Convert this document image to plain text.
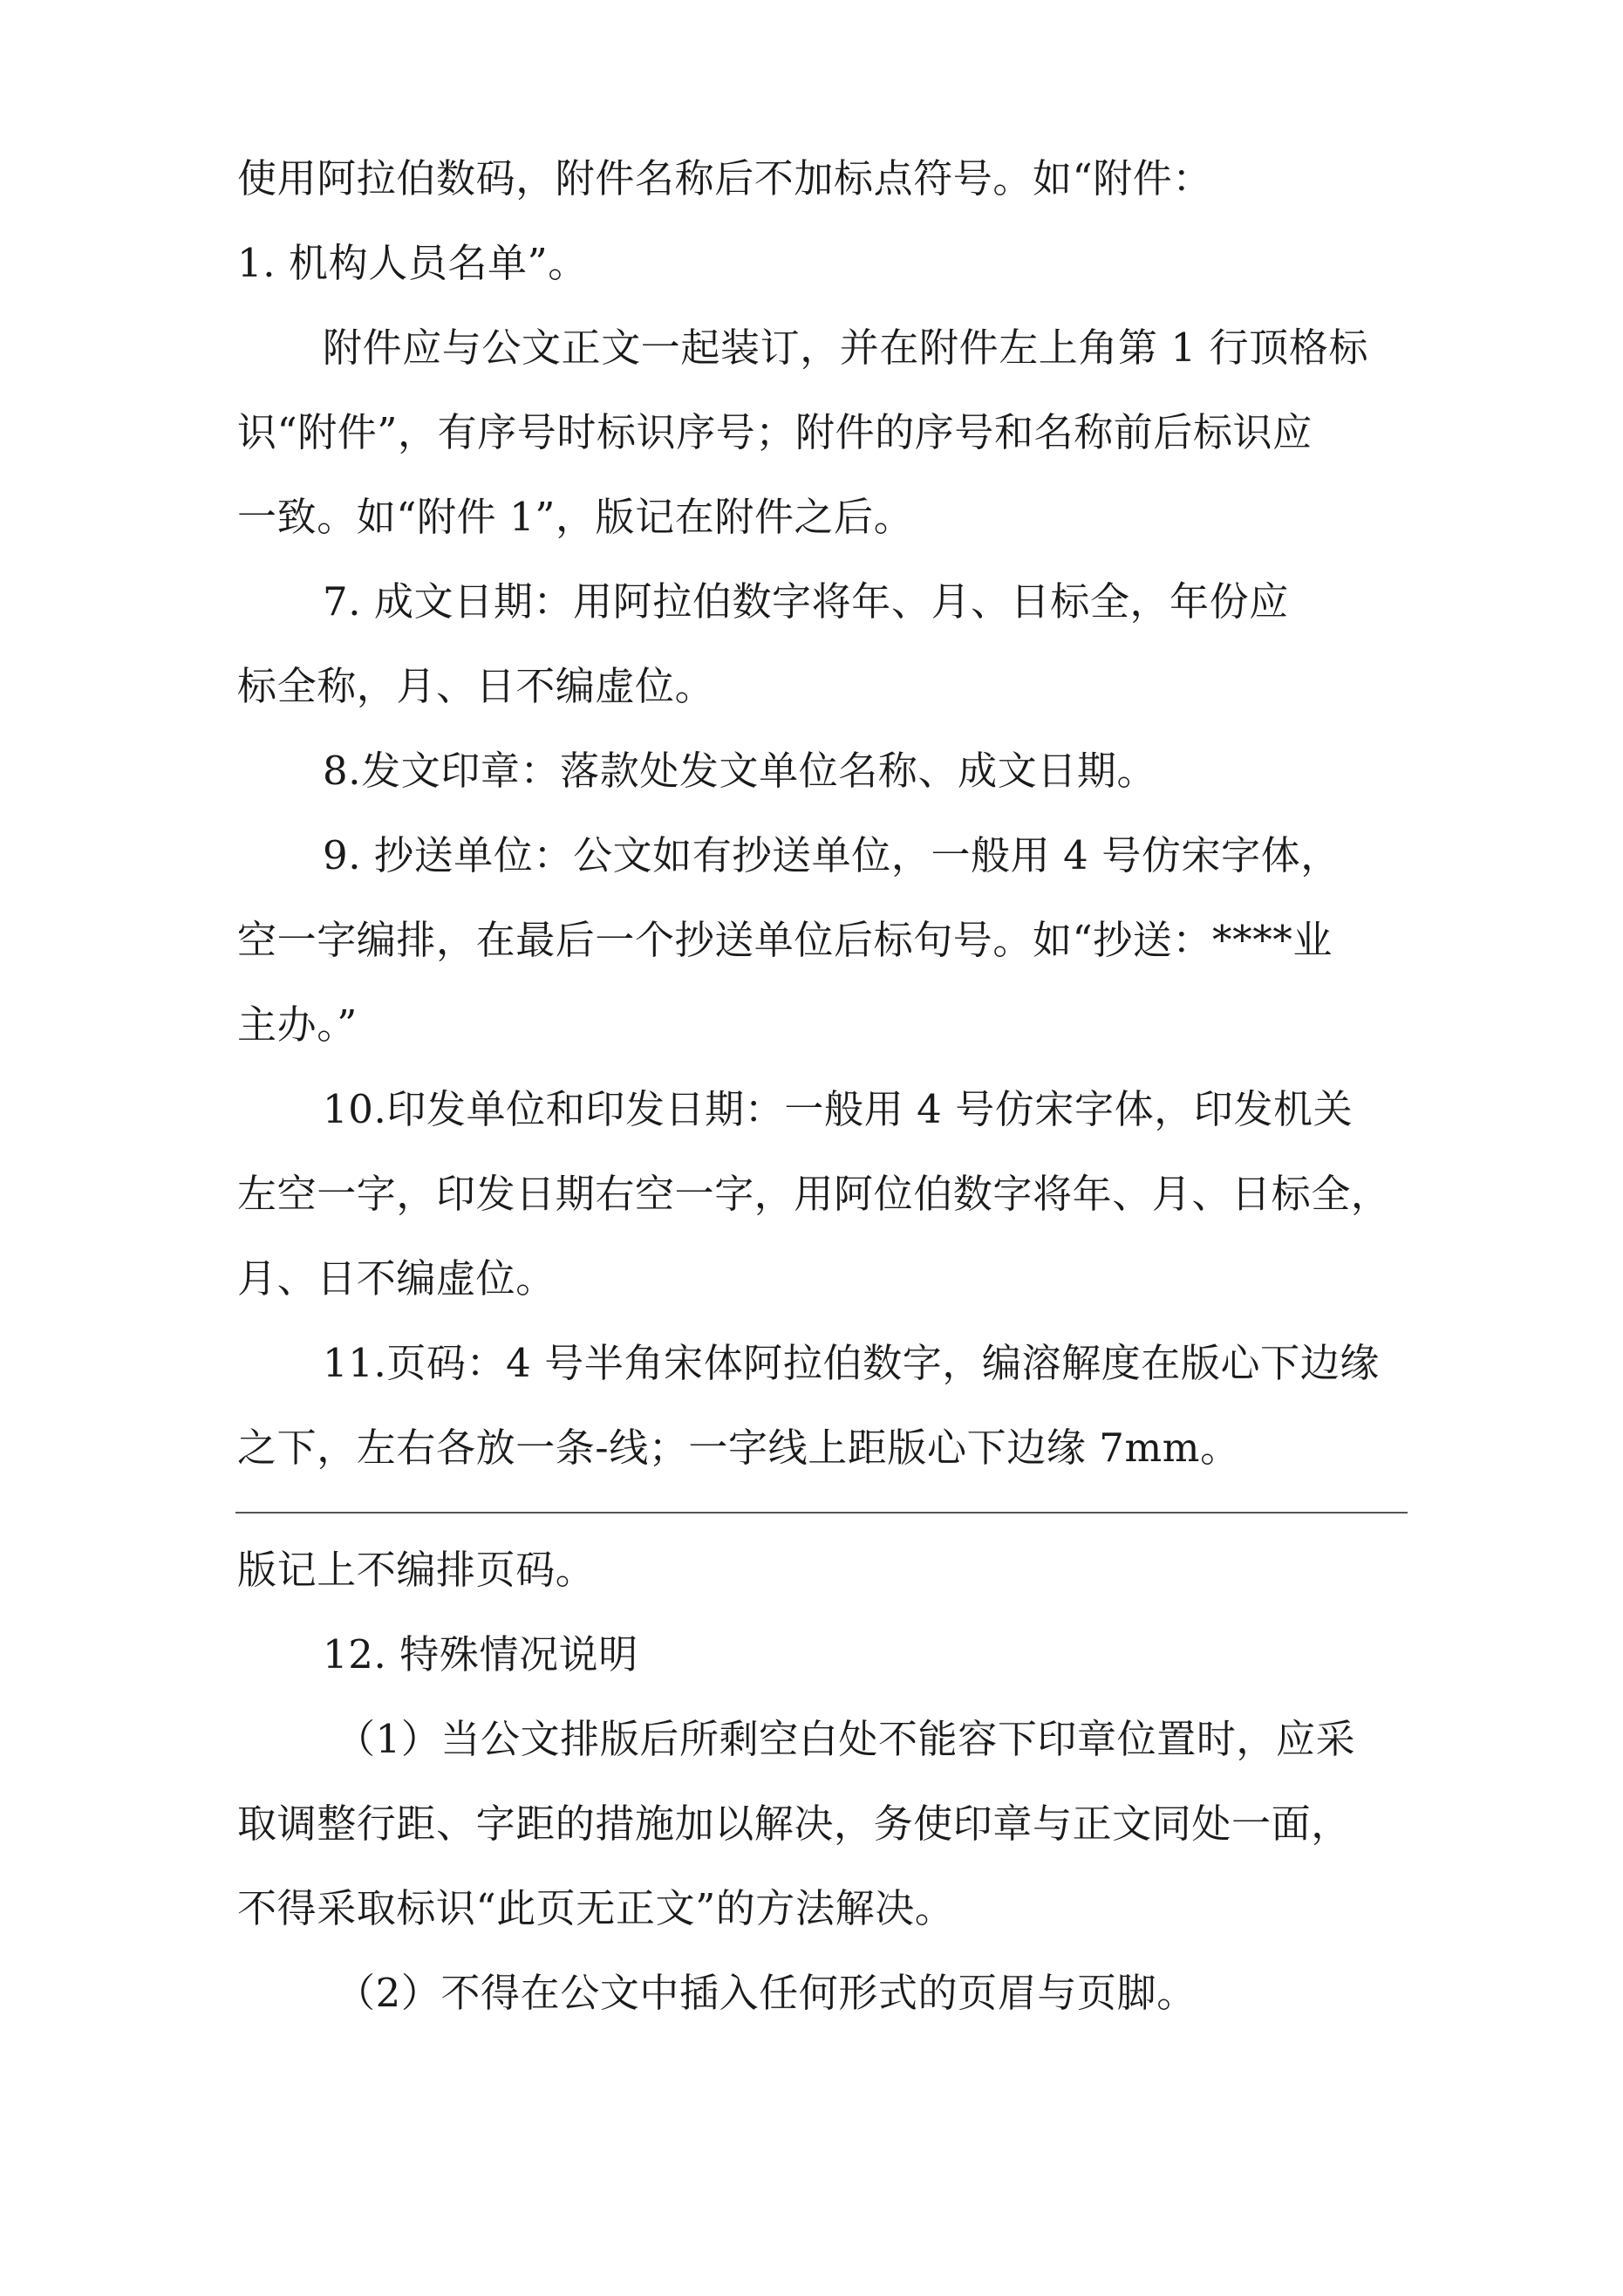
使用阿拉伯数码，附件名称后不加标点符号。如“附件：
1. 机构人员名单”。
附件应与公文正文一起装订，并在附件左上角第 1 行顶格标
识“附件”，有序号时标识序号；附件的序号和名称前后标识应
一致。如“附件 1”，版记在附件之后。
7. 成文日期：用阿拉伯数字将年、月、日标全，年份应
标全称，月、日不编虚位。
8.发文印章：落款处发文单位名称、成文日期。
9. 抄送单位：公文如有抄送单位，一般用 4 号仿宋字体，
空一字编排，在最后一个抄送单位后标句号。如“抄送：****业
主办。”
10.印发单位和印发日期：一般用 4 号仿宋字体，印发机关
左空一字，印发日期右空一字，用阿位伯数字将年、月、日标全，
月、日不编虚位。
11.页码：4 号半角宋体阿拉伯数字，编溶解度在版心下边缘
之下，左右各放一条-线；一字线上距版心下边缘 7mm。
版记上不编排页码。
12. 特殊情况说明
（1）当公文排版后所剩空白处不能容下印章位置时，应采
取调整行距、字距的措施加以解决，务使印章与正文同处一面，
不得采取标识“此页无正文”的方法解决。
（2）不得在公文中插入任何形式的页眉与页脚。
